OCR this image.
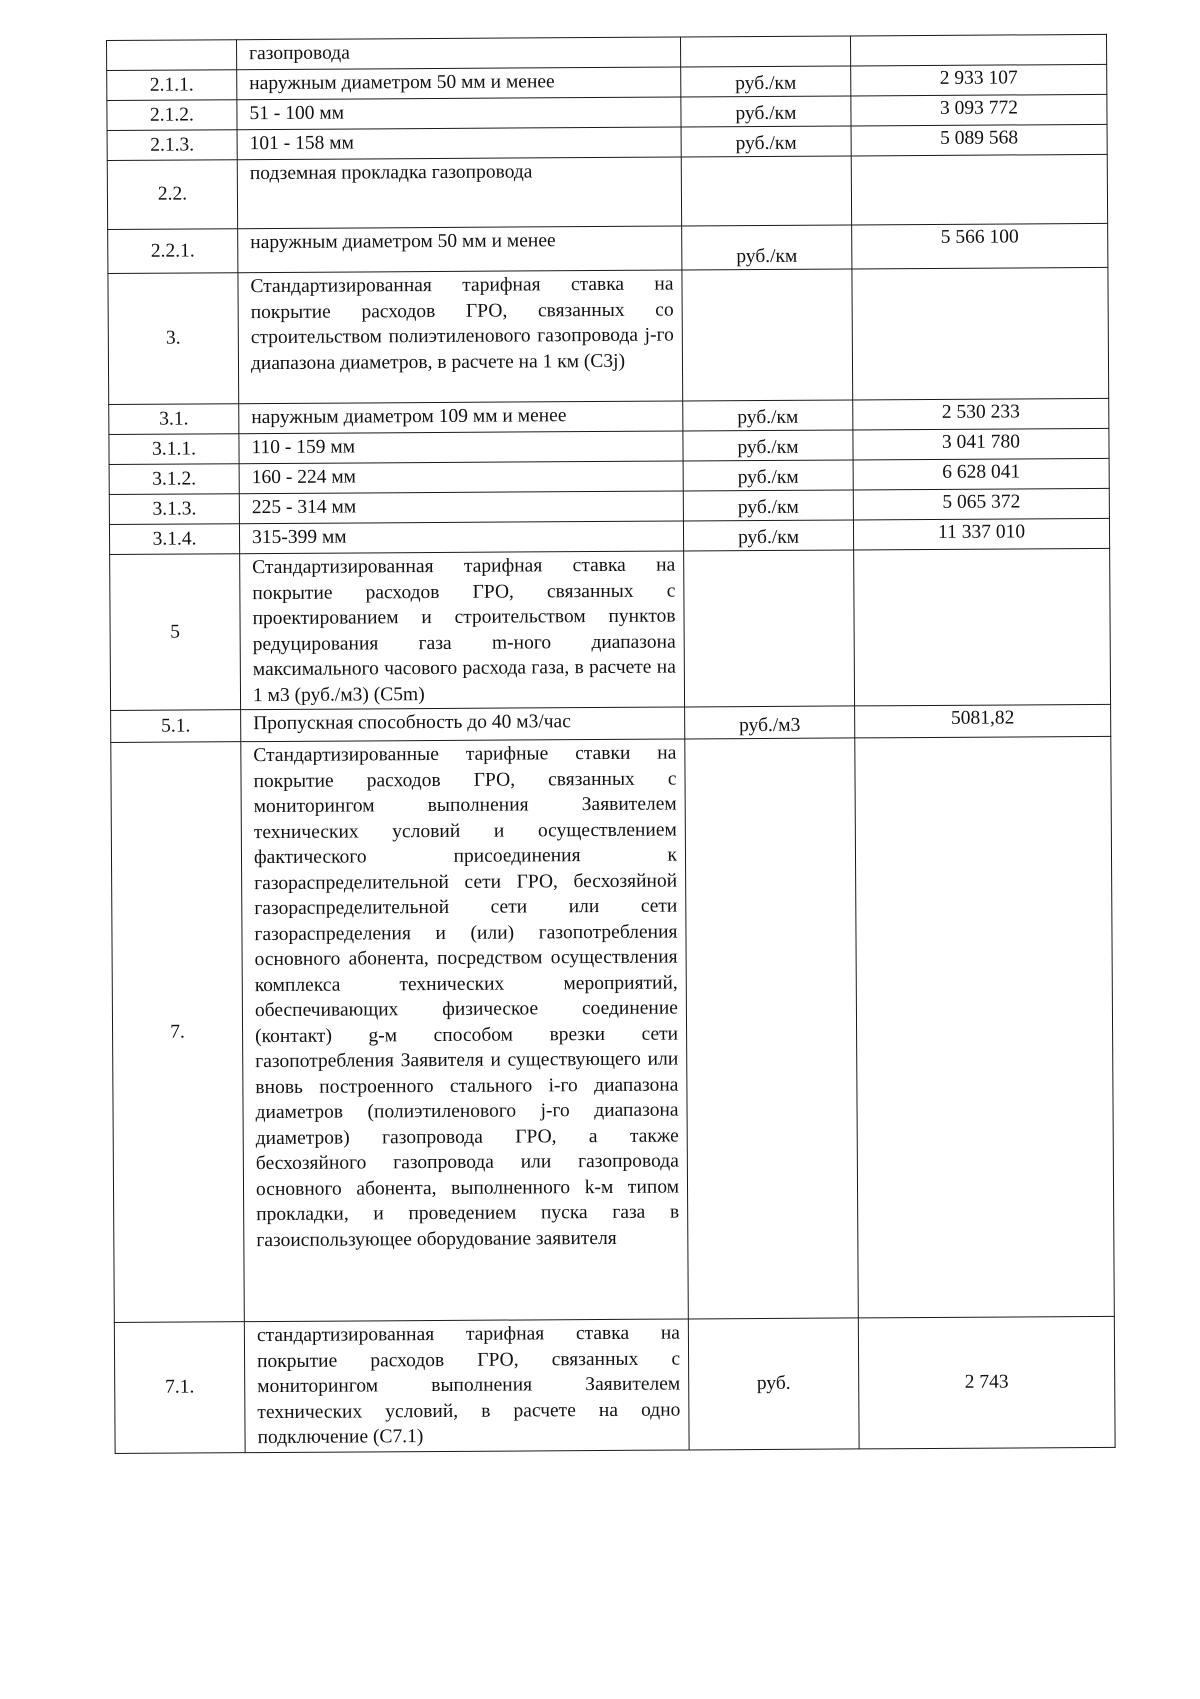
	газопровода		

2.1.1.	наружным диаметром 50 мм и менее	руб./км	2 933 107
2.1.2.	51 - 100 мм	руб./км	3 093 772
2.1.3.	101 - 158 мм	руб./км	5 089 568
2.2.	подземная прокладка газопровода		

2.2.1.	наружным диаметром 50 мм и менее	руб./км	5 566 100
3.	Стандартизированная тарифная ставка на покрытие расходов ГРО, связанных со строительством полиэтиленового газопровода j-го диапазона диаметров, в расчете на 1 км (C3j)		

3.1.	наружным диаметром 109 мм и менее	руб./км	2 530 233
3.1.1.	110 - 159 мм	руб./км	3 041 780
3.1.2.	160 - 224 мм	руб./км	6 628 041
3.1.3.	225 - 314 мм	руб./км	5 065 372
3.1.4.	315-399 мм	руб./км	11 337 010
5	Стандартизированная тарифная ставка на покрытие расходов ГРО, связанных с проектированием и строительством пунктов редуцирования газа m-ного диапазона максимального часового расхода газа, в расчете на 1 м3 (руб./м3) (C5m)		

5.1.	Пропускная способность до 40 м3/час	руб./м3	5081,82
7.	Стандартизированные тарифные ставки на покрытие расходов ГРО, связанных с мониторингом выполнения Заявителем технических условий и осуществлением фактического присоединения к газораспределительной сети ГРО, бесхозяйной газораспределительной сети или сети газораспределения и (или) газопотребления основного абонента, посредством осуществления комплекса технических мероприятий, обеспечивающих физическое соединение (контакт) g-м способом врезки сети газопотребления Заявителя и существующего или вновь построенного стального i-го диапазона диаметров (полиэтиленового j-го диапазона диаметров) газопровода ГРО, а также бесхозяйного газопровода или газопровода основного абонента, выполненного k-м типом прокладки, и проведением пуска газа в газоиспользующее оборудование заявителя		

7.1.	стандартизированная тарифная ставка на покрытие расходов ГРО, связанных с мониторингом выполнения Заявителем технических условий, в расчете на одно подключение (C7.1)	руб.	2 743
